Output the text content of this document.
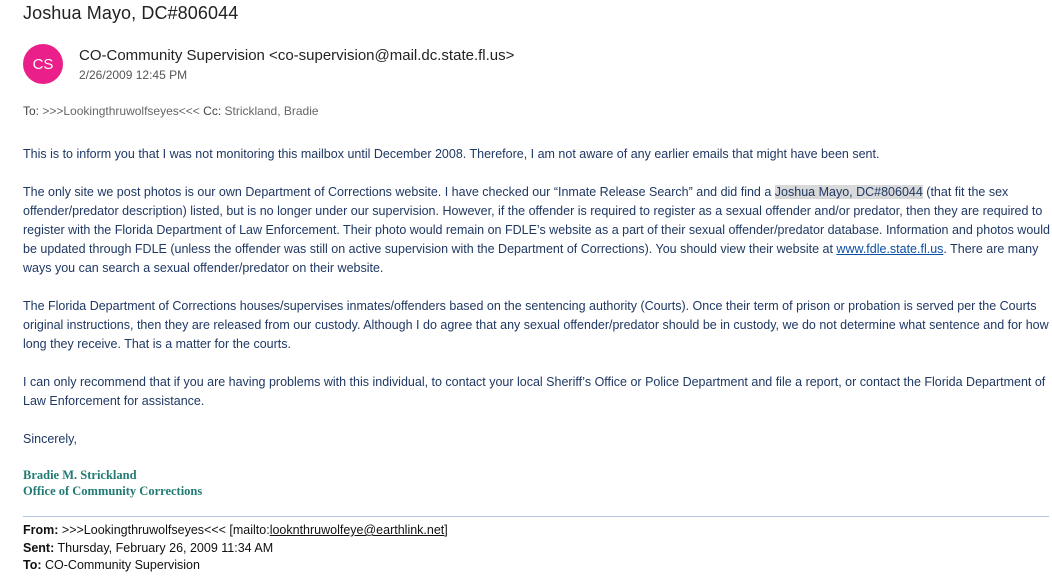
Joshua Mayo, DC#806044
CS	CO-Community Supervision <co-supervision@mail.dc.state.fl.us>
2/26/2009 12:45 PM
To: >>>Lookingthruwolfseyes<<< Cc: Strickland, Bradie

This is to inform you that I was not monitoring this mailbox until December 2008. Therefore, I am not aware of any earlier emails that might have been sent.

The only site we post photos is our own Department of Corrections website. I have checked our “Inmate Release Search” and did find a Joshua Mayo, DC#806044 (that fit the sex offender/predator description) listed, but is no longer under our supervision. However, if the offender is required to register as a sexual offender and/or predator, then they are required to register with the Florida Department of Law Enforcement. Their photo would remain on FDLE’s website as a part of their sexual offender/predator database. Information and photos would be updated through FDLE (unless the offender was still on active supervision with the Department of Corrections). You should view their website at www.fdle.state.fl.us. There are many ways you can search a sexual offender/predator on their website.

The Florida Department of Corrections houses/supervises inmates/offenders based on the sentencing authority (Courts). Once their term of prison or probation is served per the Courts original instructions, then they are released from our custody. Although I do agree that any sexual offender/predator should be in custody, we do not determine what sentence and for how long they receive. That is a matter for the courts.

I can only recommend that if you are having problems with this individual, to contact your local Sheriff’s Office or Police Department and file a report, or contact the Florida Department of Law Enforcement for assistance.

Sincerely,

Bradie M. Strickland
Office of Community Corrections
From: >>>Lookingthruwolfseyes<<< [mailto:looknthruwolfeye@earthlink.net]
Sent: Thursday, February 26, 2009 11:34 AM
To: CO-Community Supervision
